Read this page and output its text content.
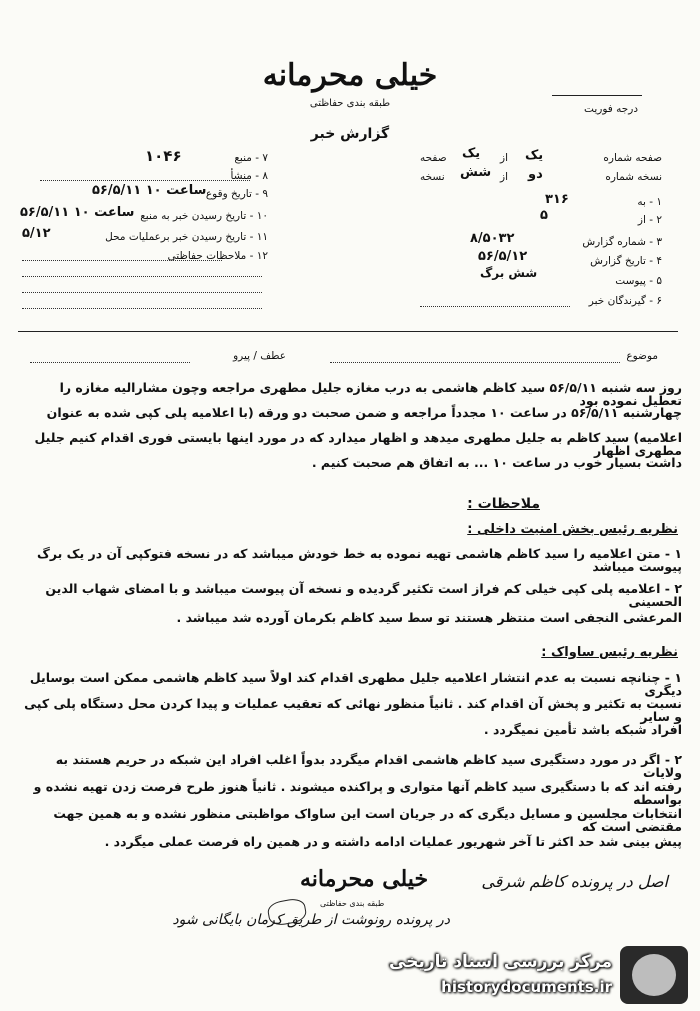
خیلی محرمانه
طبقه بندی حفاظتی
گزارش خبر
درجه فوریت
صفحه شماره
یک
از
یک
صفحه
نسخه شماره
دو
از
شش
نسخه
۱ - به
۳۱۶
۲ - از
۵
۳ - شماره گزارش
۸/۵۰۳۲
۴ - تاریخ گزارش
۵۶/۵/۱۲
۵ - پیوست
شش برگ
۶ - گیرندگان خبر
۷ - منبع
۱۰۴۶
۸ - منشأ
۹ - تاریخ وقوع
۵۶/۵/۱۱ ساعت ۱۰
۱۰ - تاریخ رسیدن خبر به منبع
۵۶/۵/۱۱ ساعت ۱۰
۱۱ - تاریخ رسیدن خبر برعملیات محل
۵/۱۲
۱۲ - ملاحظات حفاظتی
موضوع
عطف / پیرو
روز سه شنبه ۵۶/۵/۱۱ سید کاظم هاشمی به درب مغازه جلیل مطهری مراجعه وچون مشارالیه مغازه را تعطیل نموده بود
چهارشنبه ۵۶/۵/۱۱ در ساعت ۱۰ مجدداً مراجعه و ضمن صحبت دو ورقه (با اعلامیه پلی کپی شده به عنوان
اعلامیه) سید کاظم به جلیل مطهری میدهد و اظهار میدارد که در مورد اینها بایستی فوری اقدام کنیم جلیل مطهری اظهار
داشت بسیار خوب در ساعت ۱۰ ... به اتفاق هم صحبت کنیم .
ملاحظات :
نظریه رئیس بخش امنیت داخلی :
۱ - متن اعلامیه را سید کاظم هاشمی تهیه نموده به خط خودش میباشد که در نسخه فتوکپی آن در یک برگ پیوست میباشد
۲ - اعلامیه پلی کپی خیلی کم فراز است تکثیر گردیده و نسخه آن پیوست میباشد و با امضای شهاب الدین الحسینی
المرعشی النجفی است منتظر هستند تو سط سید کاظم بکرمان آورده شد میباشد .
نظریه رئیس ساواک :
۱ - چنانچه نسبت به عدم انتشار اعلامیه جلیل مطهری اقدام کند اولاً سید کاظم هاشمی ممکن است بوسایل دیگری
نسبت به تکثیر و پخش آن اقدام کند . ثانیاً منظور نهائی که تعقیب عملیات و پیدا کردن محل دستگاه پلی کپی و سایر
افراد شبکه باشد تأمین نمیگردد .
۲ - اگر در مورد دستگیری سید کاظم هاشمی اقدام میگردد بدواً اغلب افراد این شبکه در حریم هستند به ولایات
رفته اند که با دستگیری سید کاظم آنها متواری و پراکنده میشوند . ثانیاً هنوز طرح فرصت زدن تهیه نشده و بواسطه
انتخابات مجلسین و مسایل دیگری که در جریان است این ساواک مواظبتی منظور نشده و به همین جهت مقتضی است که
پیش بینی شد حد اکثر تا آخر شهریور عملیات ادامه داشته و در همین راه فرصت عملی میگردد .
خیلی محرمانه
طبقه بندی حفاظتی
اصل در پرونده کاظم شرقی
در پرونده رونوشت از طریق کرمان بایگانی شود
مرکز بررسی اسناد تاریخی
historydocuments.ir
